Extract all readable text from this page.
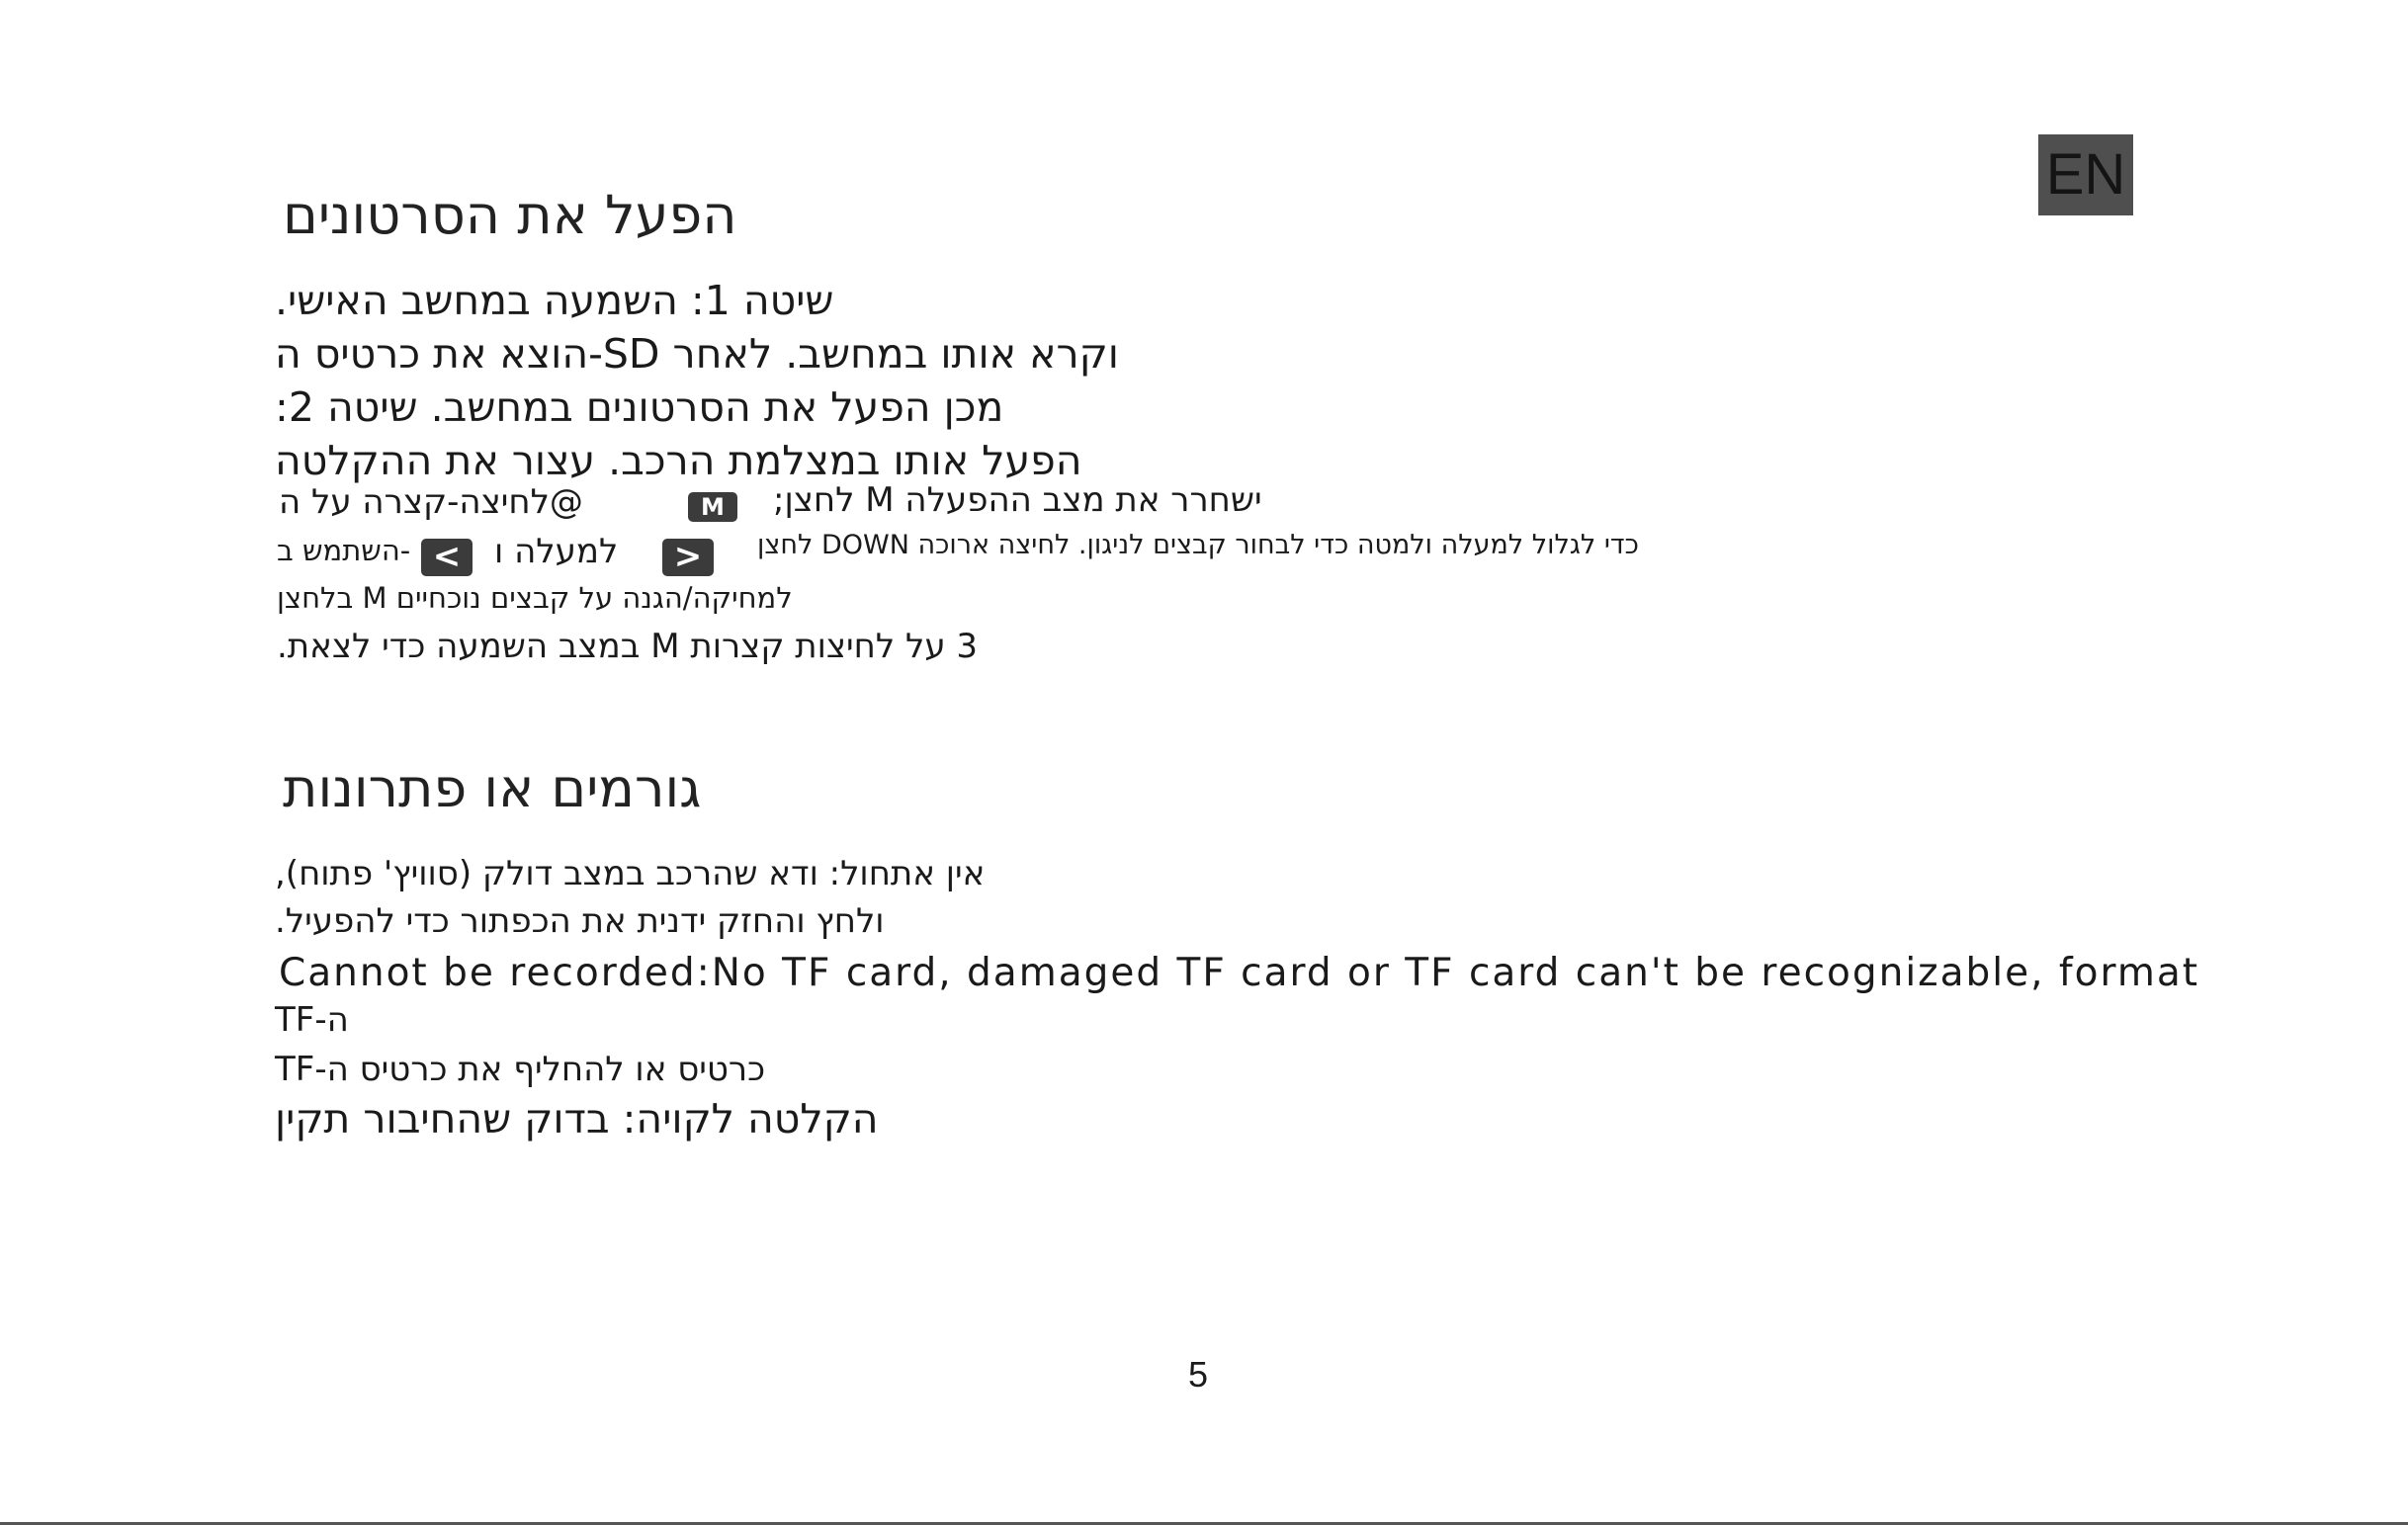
EN
הפעל את הסרטונים
שיטה 1: השמעה במחשב האישי.
וקרא אותו במחשב. לאחר SD-הוצא את כרטיס ה
מכן הפעל את הסרטונים במחשב. שיטה 2:
הפעל אותו במצלמת הרכב. עצור את ההקלטה
@לחיצה-קצרה על ה	M	ישחרר את מצב ההפעלה M לחצן;
-השתמש ב < למעלה ו	>	כדי לגלול למעלה ולמטה כדי לבחור קבצים לניגון. לחיצה ארוכה DOWN לחצן
למחיקה/הגנה על קבצים נוכחיים M בלחצן
3 על לחיצות קצרות M במצב השמעה כדי לצאת.
גורמים או פתרונות
אין אתחול: ודא שהרכב במצב דולק (סוויץ' פתוח),
ולחץ והחזק ידנית את הכפתור כדי להפעיל.
Cannot be recorded:No TF card, damaged TF card or TF card can't be recognizable, format
ה-TF
כרטיס או להחליף את כרטיס ה-TF
הקלטה לקויה: בדוק שהחיבור תקין
5
